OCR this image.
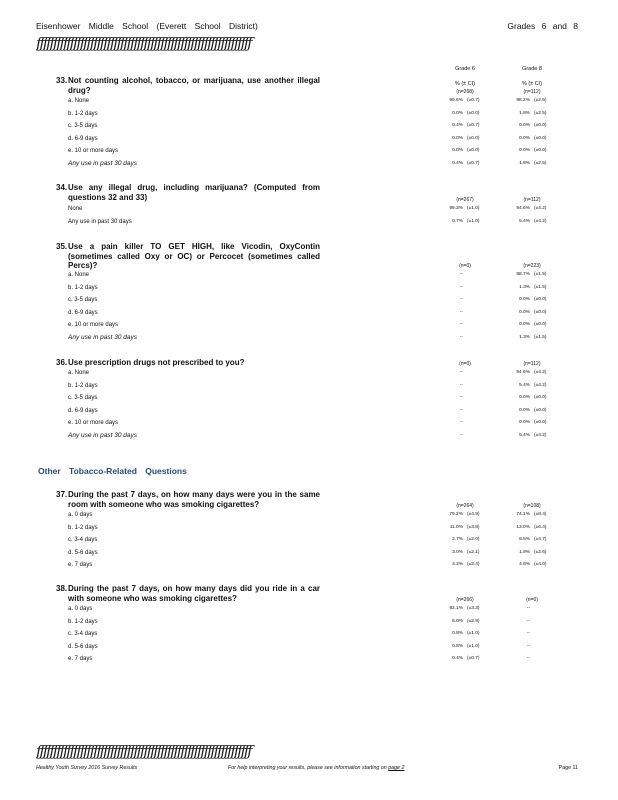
Eisenhower Middle School (Everett School District)	Grades 6 and 8
ƒƒƒƒƒƒƒƒƒƒƒƒƒƒƒƒƒƒƒƒƒƒƒƒƒƒƒƒƒƒƒƒƒƒƒƒƒƒƒƒƒƒƒƒƒƒƒƒƒƒƒƒƒƒƒƒƒƒƒƒƒƒƒƒ
Grade 6	Grade 8
% (± CI)	% (± CI)
33. Not counting alcohol, tobacco, or marijuana, use another illegal drug?	(n=268)	(n=112)
a. None	99.6% (±0.7)	98.2% (±2.5)
b. 1-2 days	0.0% (±0.0)	1.8% (±2.5)
c. 3-5 days	0.4% (±0.7)	0.0% (±0.0)
d. 6-9 days	0.0% (±0.0)	0.0% (±0.0)
e. 10 or more days	0.0% (±0.0)	0.0% (±0.0)
Any use in past 30 days	0.4% (±0.7)	1.8% (±2.5)
34. Use any illegal drug, including marijuana? (Computed from questions 32 and 33)	(n=267)	(n=112)
None	99.3% (±1.0)	94.6% (±4.2)
Any use in past 30 days	0.7% (±1.0)	5.4% (±4.2)
35. Use a pain killer TO GET HIGH, like Vicodin, OxyContin (sometimes called Oxy or OC) or Percocet (sometimes called Percs)?	(n=0)	(n=223)
a. None	--	98.7% (±1.5)
b. 1-2 days	--	1.3% (±1.5)
c. 3-5 days	--	0.0% (±0.0)
d. 6-9 days	--	0.0% (±0.0)
e. 10 or more days	--	0.0% (±0.0)
Any use in past 30 days	--	1.3% (±1.5)
36. Use prescription drugs not prescribed to you?	(n=0)	(n=112)
a. None	--	94.6% (±4.2)
b. 1-2 days	--	5.4% (±4.2)
c. 3-5 days	--	0.0% (±0.0)
d. 6-9 days	--	0.0% (±0.0)
e. 10 or more days	--	0.0% (±0.0)
Any use in past 30 days	--	5.4% (±4.2)
37. During the past 7 days, on how many days were you in the same room with someone who was smoking cigarettes?	(n=264)	(n=108)
a. 0 days	79.2% (±4.9)	74.1% (±8.4)
b. 1-2 days	11.0% (±3.8)	13.0% (±6.4)
c. 3-4 days	2.7% (±2.0)	6.5% (±4.7)
d. 5-6 days	3.0% (±2.1)	1.9% (±2.6)
e. 7 days	4.2% (±2.4)	4.6% (±4.0)
38. During the past 7 days, on how many days did you ride in a car with someone who was smoking cigarettes?	(n=266)	(n=0)
a. 0 days	92.1% (±3.3)	--
b. 1-2 days	6.0% (±2.9)	--
c. 3-4 days	0.8% (±1.0)	--
d. 5-6 days	0.8% (±1.0)	--
e. 7 days	0.4% (±0.7)	--
Other Tobacco-Related Questions
ƒƒƒƒƒƒƒƒƒƒƒƒƒƒƒƒƒƒƒƒƒƒƒƒƒƒƒƒƒƒƒƒƒƒƒƒƒƒƒƒƒƒƒƒƒƒƒƒƒƒƒƒƒƒƒƒƒƒƒƒƒƒƒƒ
Healthy Youth Survey 2016 Survey Results	For help interpreting your results, please see information starting on page 2	Page 11
